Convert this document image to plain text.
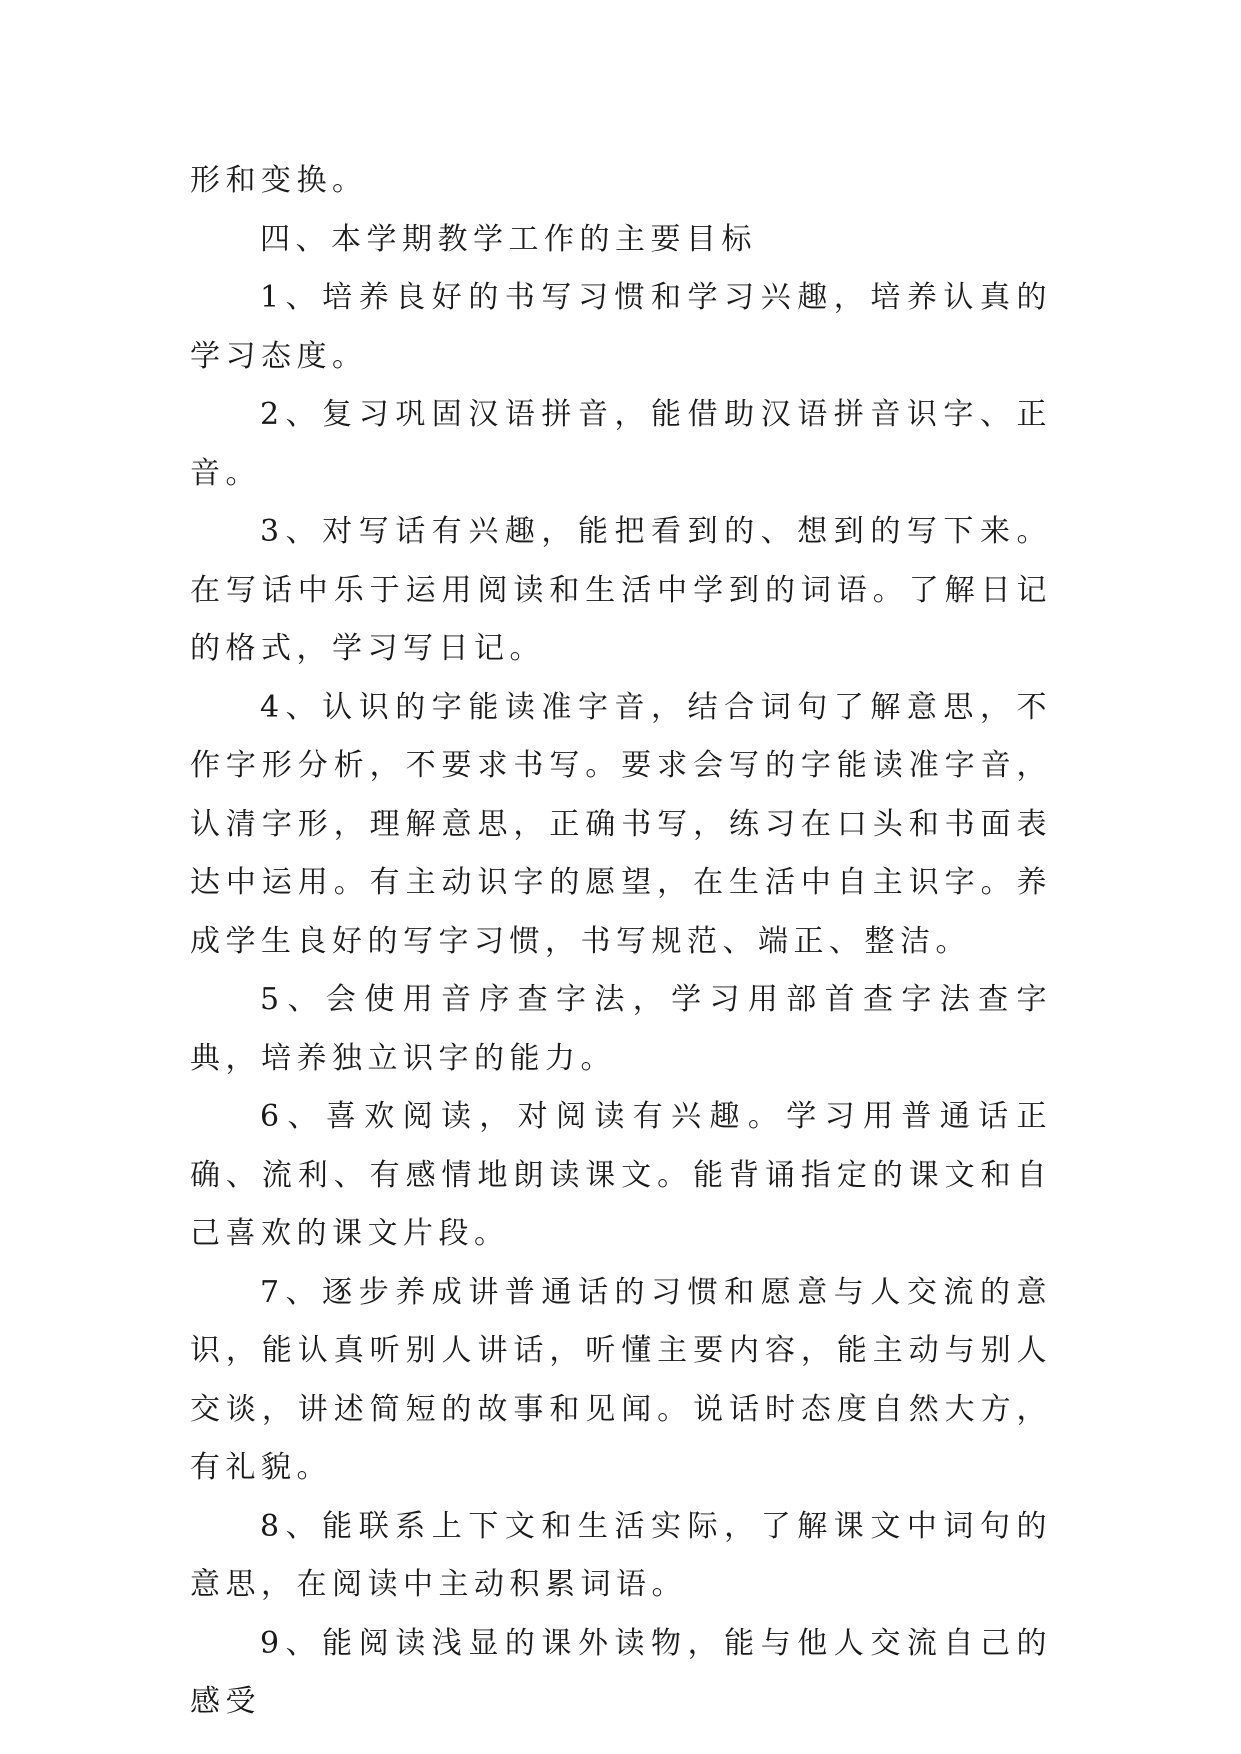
形和变换。

四、本学期教学工作的主要目标

1、培养良好的书写习惯和学习兴趣，培养认真的学习态度。

2、复习巩固汉语拼音，能借助汉语拼音识字、正音。

3、对写话有兴趣，能把看到的、想到的写下来。在写话中乐于运用阅读和生活中学到的词语。了解日记的格式，学习写日记。

4、认识的字能读准字音，结合词句了解意思，不作字形分析，不要求书写。要求会写的字能读准字音，认清字形，理解意思，正确书写，练习在口头和书面表达中运用。有主动识字的愿望，在生活中自主识字。养成学生良好的写字习惯，书写规范、端正、整洁。

5、会使用音序查字法，学习用部首查字法查字典，培养独立识字的能力。

6、喜欢阅读，对阅读有兴趣。学习用普通话正确、流利、有感情地朗读课文。能背诵指定的课文和自己喜欢的课文片段。

7、逐步养成讲普通话的习惯和愿意与人交流的意识，能认真听别人讲话，听懂主要内容，能主动与别人交谈，讲述简短的故事和见闻。说话时态度自然大方，有礼貌。

8、能联系上下文和生活实际，了解课文中词句的意思，在阅读中主动积累词语。

9、能阅读浅显的课外读物，能与他人交流自己的感受
